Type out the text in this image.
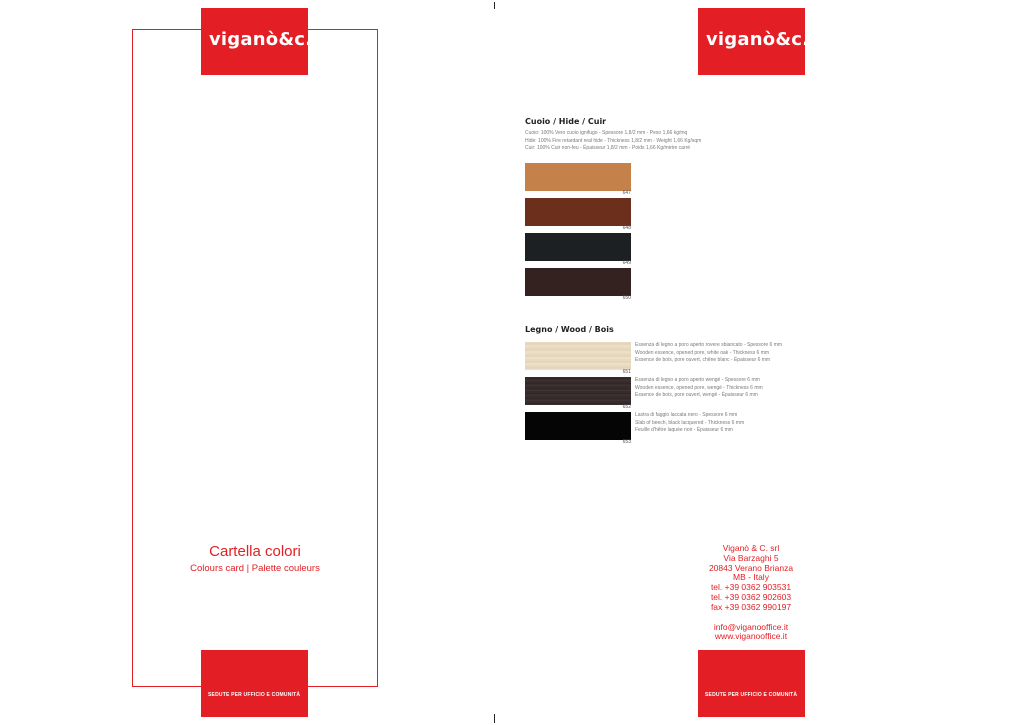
viganò&c.
Cartella colori
Colours card | Palette couleurs
SEDUTE PER UFFICIO E COMUNITÀ
viganò&c.
Cuoio / Hide / Cuir
Cuoio: 100% Vero cuoio ignifugo - Spessore 1,8/2 mm - Peso 1,66 kg/mq
Hide: 100% Fire retardant real hide - Thickness 1,8/2 mm - Weight 1,66 Kg/sqm
Cuir: 100% Cuir non-feu - Épaisseur 1,8/2 mm - Poids 1,66 Kg/mètre carré
647
648
649
650
Legno / Wood / Bois
651
Essenza di legno a poro aperto rovere sbiancato - Spessore 6 mm
Wooden essence, opened pore, white oak - Thickness 6 mm
Essence de bois, pore ouvert, chêne blanc - Épaisseur 6 mm
652
Essenza di legno a poro aperto wengé - Spessore 6 mm
Wooden essence, opened pore, wengé - Thickness 6 mm
Essence de bois, pore ouvert, wengé - Épaisseur 6 mm
653
Lastra di faggio laccata nero - Spessore 6 mm
Slab of beech, black lacquered - Thickness 6 mm
Feuille d'hêtre laquée noir - Épaisseur 6 mm
Viganò & C. srl
Via Barzaghi 5
20843 Verano Brianza
MB - Italy
tel. +39 0362 903531
tel. +39 0362 902603
fax +39 0362 990197
info@viganooffice.it
www.viganooffice.it
SEDUTE PER UFFICIO E COMUNITÀ
